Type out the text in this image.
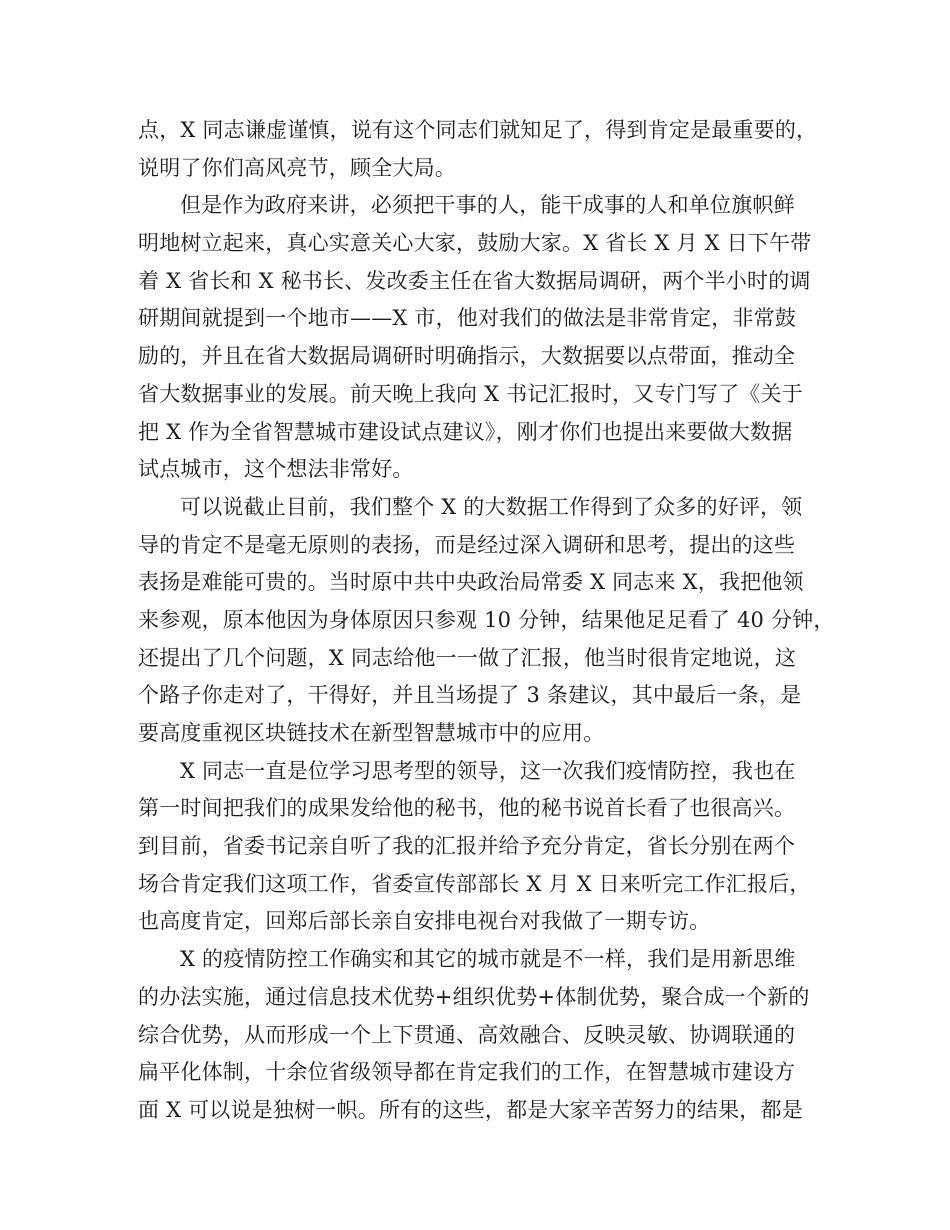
点，X 同志谦虚谨慎，说有这个同志们就知足了，得到肯定是最重要的，
说明了你们高风亮节，顾全大局。
但是作为政府来讲，必须把干事的人，能干成事的人和单位旗帜鲜
明地树立起来，真心实意关心大家，鼓励大家。X 省长 X 月 X 日下午带
着 X 省长和 X 秘书长、发改委主任在省大数据局调研，两个半小时的调
研期间就提到一个地市——X 市，他对我们的做法是非常肯定，非常鼓
励的，并且在省大数据局调研时明确指示，大数据要以点带面，推动全
省大数据事业的发展。前天晚上我向 X 书记汇报时，又专门写了《关于
把 X 作为全省智慧城市建设试点建议》，刚才你们也提出来要做大数据
试点城市，这个想法非常好。
可以说截止目前，我们整个 X 的大数据工作得到了众多的好评，领
导的肯定不是毫无原则的表扬，而是经过深入调研和思考，提出的这些
表扬是难能可贵的。当时原中共中央政治局常委 X 同志来 X，我把他领
来参观，原本他因为身体原因只参观 10 分钟，结果他足足看了 40 分钟，
还提出了几个问题，X 同志给他一一做了汇报，他当时很肯定地说，这
个路子你走对了，干得好，并且当场提了 3 条建议，其中最后一条，是
要高度重视区块链技术在新型智慧城市中的应用。
X 同志一直是位学习思考型的领导，这一次我们疫情防控，我也在
第一时间把我们的成果发给他的秘书，他的秘书说首长看了也很高兴。
到目前，省委书记亲自听了我的汇报并给予充分肯定，省长分别在两个
场合肯定我们这项工作，省委宣传部部长 X 月 X 日来听完工作汇报后，
也高度肯定，回郑后部长亲自安排电视台对我做了一期专访。
X 的疫情防控工作确实和其它的城市就是不一样，我们是用新思维
的办法实施，通过信息技术优势+组织优势+体制优势，聚合成一个新的
综合优势，从而形成一个上下贯通、高效融合、反映灵敏、协调联通的
扁平化体制，十余位省级领导都在肯定我们的工作，在智慧城市建设方
面 X 可以说是独树一帜。所有的这些，都是大家辛苦努力的结果，都是
